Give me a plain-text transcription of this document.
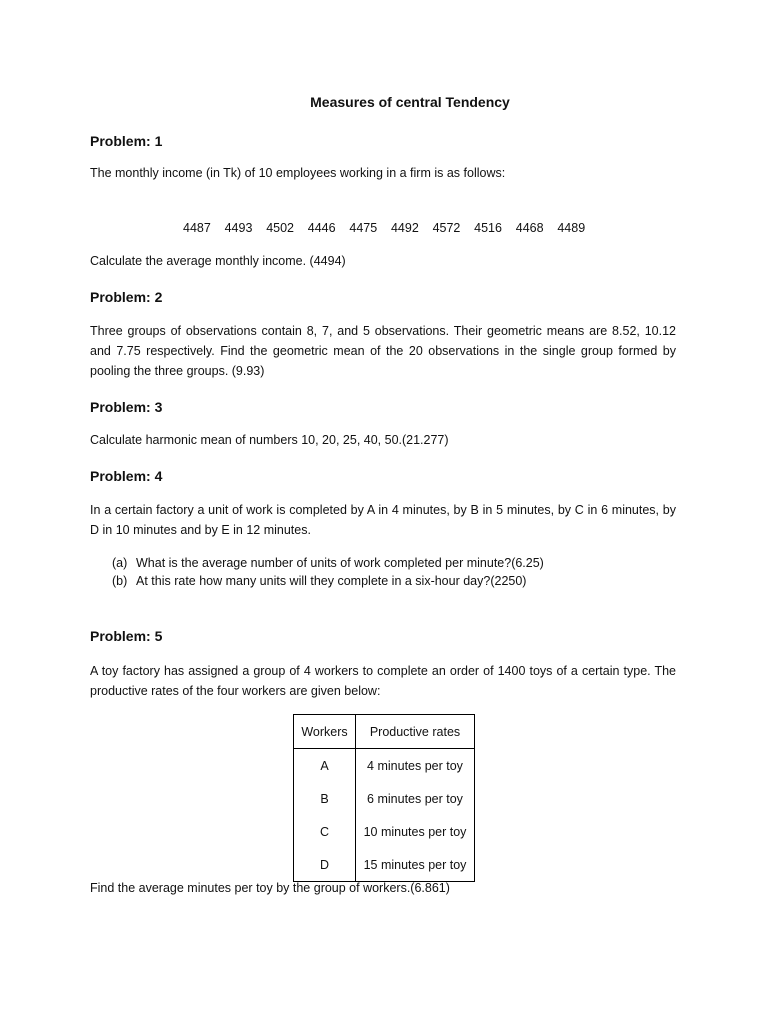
Measures of central Tendency
Problem: 1
The monthly income (in Tk) of 10 employees working in a firm is as follows:
4487	4493	4502	4446	4475	4492	4572	4516	4468	4489
Calculate the average monthly income. (4494)
Problem: 2
Three groups of observations contain 8, 7, and 5 observations. Their geometric means are 8.52, 10.12 and 7.75 respectively. Find the geometric mean of the 20 observations in the single group formed by pooling the three groups. (9.93)
Problem: 3
Calculate harmonic mean of numbers 10, 20, 25, 40, 50.(21.277)
Problem: 4
In a certain factory a unit of work is completed by A in 4 minutes, by B in 5 minutes, by C in 6 minutes, by D in 10 minutes and by E in 12 minutes.
(a) What is the average number of units of work completed per minute?(6.25)
(b) At this rate how many units will they complete in a six-hour day?(2250)
Problem: 5
A toy factory has assigned a group of 4 workers to complete an order of 1400 toys of a certain type. The productive rates of the four workers are given below:
Workers	Productive rates
A	4 minutes per toy
B	6 minutes per toy
C	10 minutes per toy
D	15 minutes per toy
Find the average minutes per toy by the group of workers.(6.861)
